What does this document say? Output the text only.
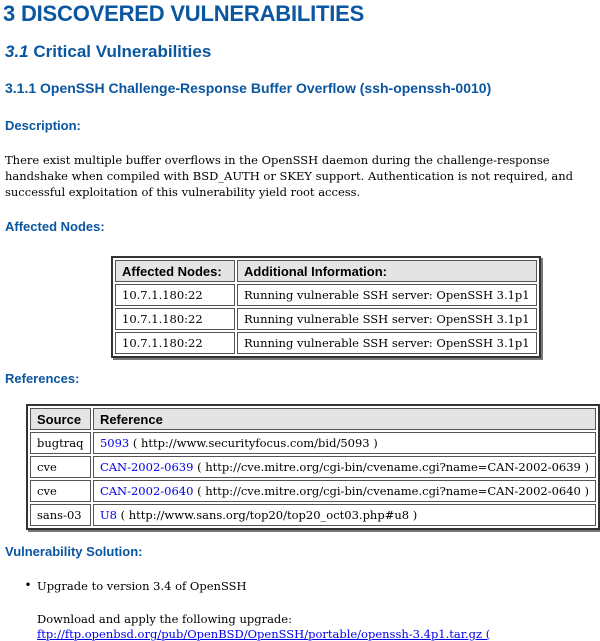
3 DISCOVERED VULNERABILITIES
3.1 Critical Vulnerabilities
3.1.1 OpenSSH Challenge-Response Buffer Overflow (ssh-openssh-0010)
Description:

There exist multiple buffer overflows in the OpenSSH daemon during the challenge-response handshake when compiled with BSD_AUTH or SKEY support. Authentication is not required, and successful exploitation of this vulnerability yield root access.

Affected Nodes:
Affected Nodes:	Additional Information:
10.7.1.180:22	Running vulnerable SSH server: OpenSSH 3.1p1
10.7.1.180:22	Running vulnerable SSH server: OpenSSH 3.1p1
10.7.1.180:22	Running vulnerable SSH server: OpenSSH 3.1p1
References:
Source	Reference
bugtraq	5093 ( http://www.securityfocus.com/bid/5093 )
cve	CAN-2002-0639 ( http://cve.mitre.org/cgi-bin/cvename.cgi?name=CAN-2002-0639 )
cve	CAN-2002-0640 ( http://cve.mitre.org/cgi-bin/cvename.cgi?name=CAN-2002-0640 )
sans-03	U8 ( http://www.sans.org/top20/top20_oct03.php#u8 )
Vulnerability Solution:
• Upgrade to version 3.4 of OpenSSH
Download and apply the following upgrade:
ftp://ftp.openbsd.org/pub/OpenBSD/OpenSSH/portable/openssh-3.4p1.tar.gz (
